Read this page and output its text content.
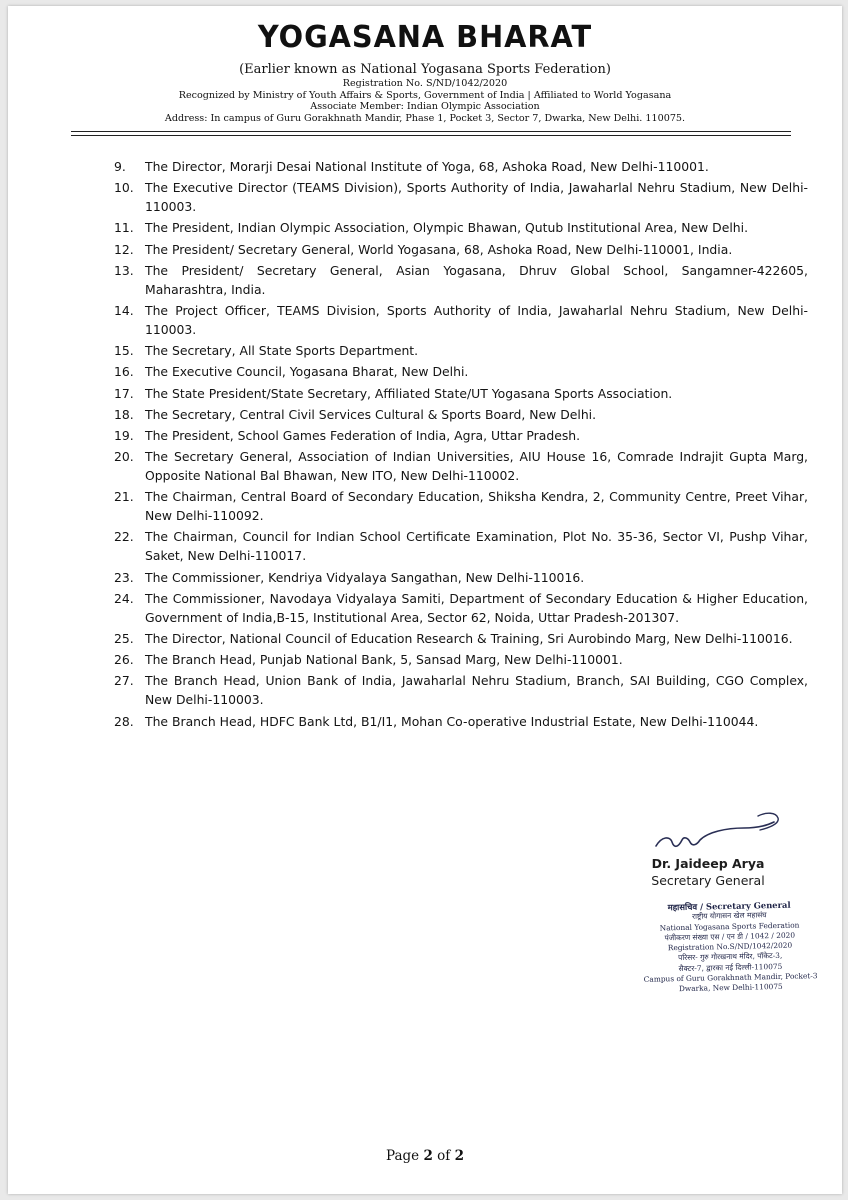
YOGASANA BHARAT
(Earlier known as National Yogasana Sports Federation)
Registration No. S/ND/1042/2020
Recognized by Ministry of Youth Affairs & Sports, Government of India | Affiliated to World Yogasana
Associate Member: Indian Olympic Association
Address: In campus of Guru Gorakhnath Mandir, Phase 1, Pocket 3, Sector 7, Dwarka, New Delhi. 110075.
9. The Director, Morarji Desai National Institute of Yoga, 68, Ashoka Road, New Delhi-110001.
10. The Executive Director (TEAMS Division), Sports Authority of India, Jawaharlal Nehru Stadium, New Delhi-110003.
11. The President, Indian Olympic Association, Olympic Bhawan, Qutub Institutional Area, New Delhi.
12. The President/ Secretary General, World Yogasana, 68, Ashoka Road, New Delhi-110001, India.
13. The President/ Secretary General, Asian Yogasana, Dhruv Global School, Sangamner-422605, Maharashtra, India.
14. The Project Officer, TEAMS Division, Sports Authority of India, Jawaharlal Nehru Stadium, New Delhi-110003.
15. The Secretary, All State Sports Department.
16. The Executive Council, Yogasana Bharat, New Delhi.
17. The State President/State Secretary, Affiliated State/UT Yogasana Sports Association.
18. The Secretary, Central Civil Services Cultural & Sports Board, New Delhi.
19. The President, School Games Federation of India, Agra, Uttar Pradesh.
20. The Secretary General, Association of Indian Universities, AIU House 16, Comrade Indrajit Gupta Marg, Opposite National Bal Bhawan, New ITO, New Delhi-110002.
21. The Chairman, Central Board of Secondary Education, Shiksha Kendra, 2, Community Centre, Preet Vihar, New Delhi-110092.
22. The Chairman, Council for Indian School Certificate Examination, Plot No. 35-36, Sector VI, Pushp Vihar, Saket, New Delhi-110017.
23. The Commissioner, Kendriya Vidyalaya Sangathan, New Delhi-110016.
24. The Commissioner, Navodaya Vidyalaya Samiti, Department of Secondary Education & Higher Education, Government of India,B-15, Institutional Area, Sector 62, Noida, Uttar Pradesh-201307.
25. The Director, National Council of Education Research & Training, Sri Aurobindo Marg, New Delhi-110016.
26. The Branch Head, Punjab National Bank, 5, Sansad Marg, New Delhi-110001.
27. The Branch Head, Union Bank of India, Jawaharlal Nehru Stadium, Branch, SAI Building, CGO Complex, New Delhi-110003.
28. The Branch Head, HDFC Bank Ltd, B1/I1, Mohan Co-operative Industrial Estate, New Delhi-110044.
Dr. Jaideep Arya
Secretary General
महासचिव / Secretary General
राष्ट्रीय योगासन खेल महासंघ
National Yogasana Sports Federation
पंजीकरण संख्या एस / एन डी / 1042 / 2020
Registration No.S/ND/1042/2020
परिसर- गुरु गोरखनाथ मंदिर, पॉकेट-3,
सैक्टर-7, द्वारका नई दिल्ली-110075
Campus of Guru Gorakhnath Mandir, Pocket-3
Dwarka, New Delhi-110075
Page 2 of 2
